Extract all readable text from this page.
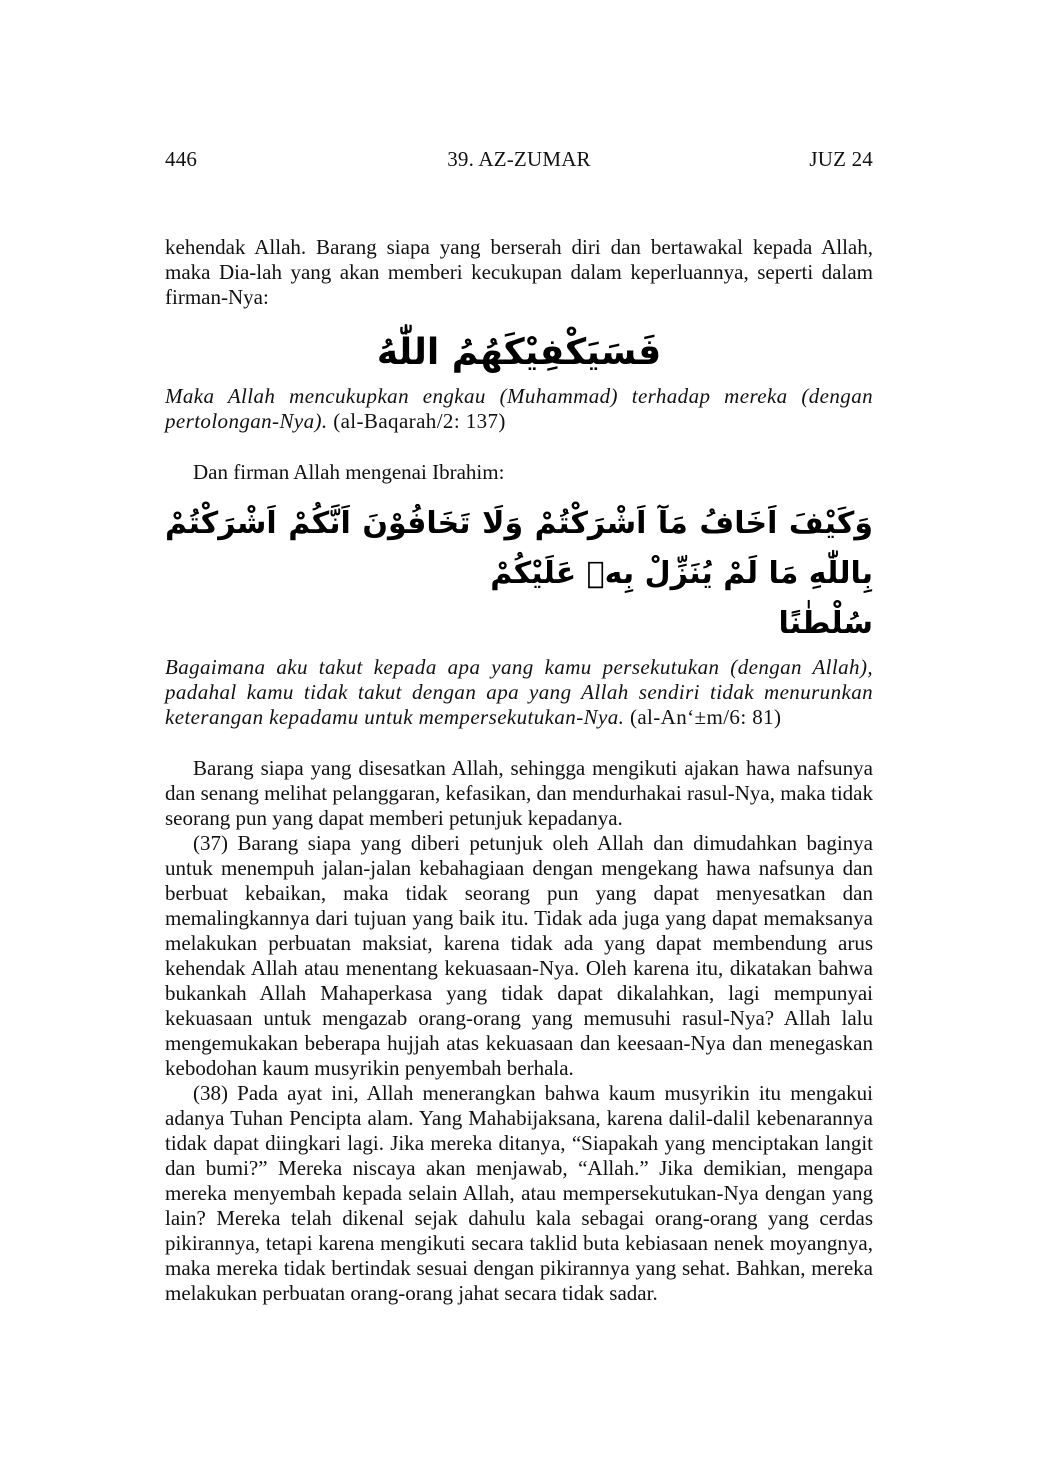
446	39. AZ-ZUMAR	JUZ 24

kehendak Allah. Barang siapa yang berserah diri dan bertawakal kepada Allah, maka Dia-lah yang akan memberi kecukupan dalam keperluannya, seperti dalam firman-Nya:

فَسَيَكْفِيْكَهُمُ اللّٰهُ

Maka Allah mencukupkan engkau (Muhammad) terhadap mereka (dengan pertolongan-Nya). (al-Baqarah/2: 137)

Dan firman Allah mengenai Ibrahim:

وَكَيْفَ اَخَافُ مَآ اَشْرَكْتُمْ وَلَا تَخَافُوْنَ اَنَّكُمْ اَشْرَكْتُمْ بِاللّٰهِ مَا لَمْ يُنَزِّلْ بِهٖ عَلَيْكُمْ
سُلْطٰنًا

Bagaimana aku takut kepada apa yang kamu persekutukan (dengan Allah), padahal kamu tidak takut dengan apa yang Allah sendiri tidak menurunkan keterangan kepadamu untuk mempersekutukan-Nya. (al-An‘±m/6: 81)

Barang siapa yang disesatkan Allah, sehingga mengikuti ajakan hawa nafsunya dan senang melihat pelanggaran, kefasikan, dan mendurhakai rasul-Nya, maka tidak seorang pun yang dapat memberi petunjuk kepadanya.

(37) Barang siapa yang diberi petunjuk oleh Allah dan dimudahkan baginya untuk menempuh jalan-jalan kebahagiaan dengan mengekang hawa nafsunya dan berbuat kebaikan, maka tidak seorang pun yang dapat menyesatkan dan memalingkannya dari tujuan yang baik itu. Tidak ada juga yang dapat memaksanya melakukan perbuatan maksiat, karena tidak ada yang dapat membendung arus kehendak Allah atau menentang kekuasaan-Nya. Oleh karena itu, dikatakan bahwa bukankah Allah Mahaperkasa yang tidak dapat dikalahkan, lagi mempunyai kekuasaan untuk mengazab orang-orang yang memusuhi rasul-Nya? Allah lalu mengemukakan beberapa hujjah atas kekuasaan dan keesaan-Nya dan menegaskan kebodohan kaum musyrikin penyembah berhala.

(38) Pada ayat ini, Allah menerangkan bahwa kaum musyrikin itu mengakui adanya Tuhan Pencipta alam. Yang Mahabijaksana, karena dalil-dalil kebenarannya tidak dapat diingkari lagi. Jika mereka ditanya, “Siapakah yang menciptakan langit dan bumi?” Mereka niscaya akan menjawab, “Allah.” Jika demikian, mengapa mereka menyembah kepada selain Allah, atau mempersekutukan-Nya dengan yang lain? Mereka telah dikenal sejak dahulu kala sebagai orang-orang yang cerdas pikirannya, tetapi karena mengikuti secara taklid buta kebiasaan nenek moyangnya, maka mereka tidak bertindak sesuai dengan pikirannya yang sehat. Bahkan, mereka melakukan perbuatan orang-orang jahat secara tidak sadar.
